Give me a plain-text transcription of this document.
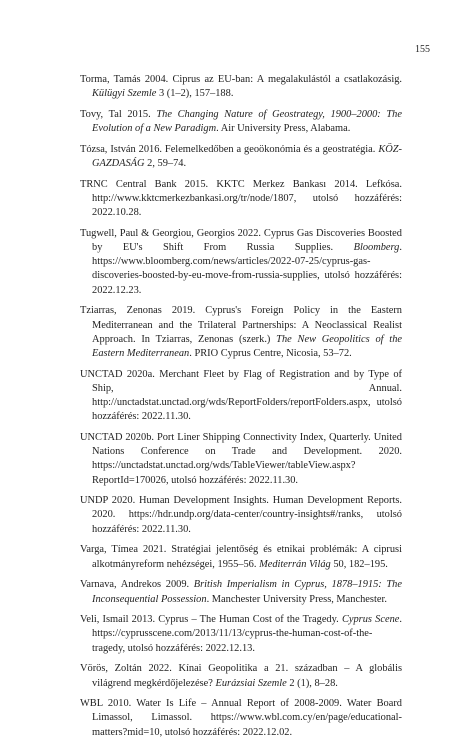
155
Torma, Tamás 2004. Ciprus az EU-ban: A megalakulástól a csatlakozásig. Külügyi Szemle 3 (1–2), 157–188.
Tovy, Tal 2015. The Changing Nature of Geostrategy, 1900–2000: The Evolution of a New Paradigm. Air University Press, Alabama.
Tózsa, István 2016. Felemelkedőben a geoökonómia és a geostratégia. KÖZ-GAZDASÁG 2, 59–74.
TRNC Central Bank 2015. KKTC Merkez Bankası 2014. Lefkósa. http://www.kktcmerkezbankasi.org/tr/node/1807, utolsó hozzáférés: 2022.10.28.
Tugwell, Paul & Georgiou, Georgios 2022. Cyprus Gas Discoveries Boosted by EU's Shift From Russia Supplies. Bloomberg. https://www.bloomberg.com/news/articles/2022-07-25/cyprus-gas-discoveries-boosted-by-eu-move-from-russia-supplies, utolsó hozzáférés: 2022.12.23.
Tziarras, Zenonas 2019. Cyprus's Foreign Policy in the Eastern Mediterranean and the Trilateral Partnerships: A Neoclassical Realist Approach. In Tziarras, Zenonas (szerk.) The New Geopolitics of the Eastern Mediterranean. PRIO Cyprus Centre, Nicosia, 53–72.
UNCTAD 2020a. Merchant Fleet by Flag of Registration and by Type of Ship, Annual. http://unctadstat.unctad.org/wds/ReportFolders/reportFolders.aspx, utolsó hozzáférés: 2022.11.30.
UNCTAD 2020b. Port Liner Shipping Connectivity Index, Quarterly. United Nations Conference on Trade and Development. 2020. https://unctadstat.unctad.org/wds/TableViewer/tableView.aspx?ReportId=170026, utolsó hozzáférés: 2022.11.30.
UNDP 2020. Human Development Insights. Human Development Reports. 2020. https://hdr.undp.org/data-center/country-insights#/ranks, utolsó hozzáférés: 2022.11.30.
Varga, Tímea 2021. Stratégiai jelentőség és etnikai problémák: A ciprusi alkotmányreform nehézségei, 1955–56. Mediterrán Világ 50, 182–195.
Varnava, Andrekos 2009. British Imperialism in Cyprus, 1878–1915: The Inconsequential Possession. Manchester University Press, Manchester.
Veli, Ismail 2013. Cyprus – The Human Cost of the Tragedy. Cyprus Scene. https://cyprusscene.com/2013/11/13/cyprus-the-human-cost-of-the-tragedy, utolsó hozzáférés: 2022.12.13.
Vörös, Zoltán 2022. Kínai Geopolitika a 21. században – A globális világrend megkérdőjelezése? Eurázsiai Szemle 2 (1), 8–28.
WBL 2010. Water Is Life – Annual Report of 2008-2009. Water Board Limassol, Limassol. https://www.wbl.com.cy/en/page/educational-matters?mid=10, utolsó hozzáférés: 2022.12.02.
